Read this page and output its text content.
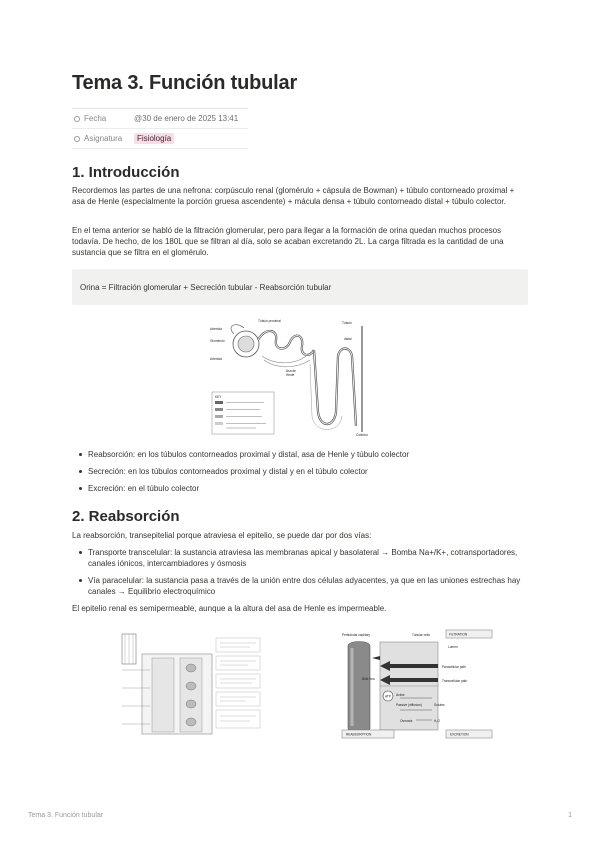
Tema 3. Función tubular
Fecha	@30 de enero de 2025 13:41
Asignatura	Fisiología
1. Introducción

Recordemos las partes de una nefrona: corpúsculo renal (glomérulo + cápsula de Bowman) + túbulo contorneado proximal + asa de Henle (especialmente la porción gruesa ascendente) + mácula densa + túbulo contorneado distal + túbulo colector.

En el tema anterior se habló de la filtración glomerular, pero para llegar a la formación de orina quedan muchos procesos todavía. De hecho, de los 180L que se filtran al día, solo se acaban excretando 2L. La carga filtrada es la cantidad de una sustancia que se filtra en el glomérulo.

Orina = Filtración glomerular + Secreción tubular - Reabsorción tubular
Túbulo proximal
Arteriola
Glomérulo
Arteriola
Túbulo
distal
Asa de
Henle
Colector
KEY
Reabsorción: en los túbulos contorneados proximal y distal, asa de Henle y túbulo colector
Secreción: en los túbulos contorneados proximal y distal y en el túbulo colector
Excreción: en el túbulo colector
2. Reabsorción

La reabsorción, transepitelial porque atraviesa el epitelio, se puede dar por dos vías:

Transporte transcelular: la sustancia atraviesa las membranas apical y basolateral → Bomba Na+/K+, cotransportadores, canales iónicos, intercambiadores y ósmosis
Vía paracelular: la sustancia pasa a través de la unión entre dos células adyacentes, ya que en las uniones estrechas hay canales → Equilibrio electroquímico

El epitelio renal es semipermeable, aunque a la altura del asa de Henle es impermeable.

Peritubular capillary	Tubular cells	FILTRATION
Paracellular path
Transcellular path
Lumen
Bulk flow
ATP Active
Passive (diffusion)	Solutes
Osmosis	H₂O
REABSORPTION	EXCRETION
Tema 3. Función tubular	1
